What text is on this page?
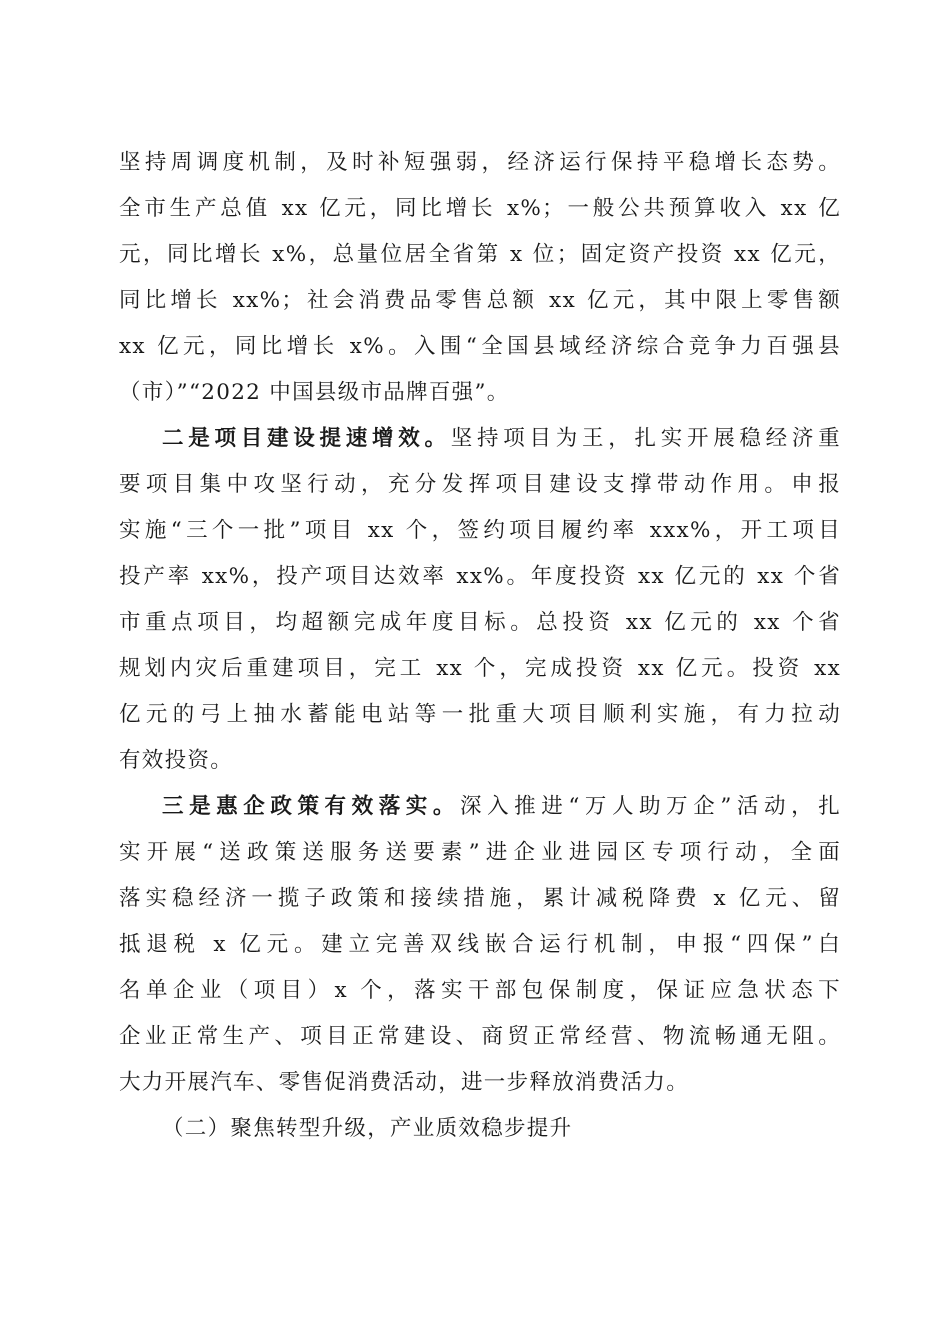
坚持周调度机制，及时补短强弱，经济运行保持平稳增长态势。
全市生产总值 xx 亿元，同比增长 x%；一般公共预算收入 xx 亿
元，同比增长 x%，总量位居全省第 x 位；固定资产投资 xx 亿元，
同比增长 xx%；社会消费品零售总额 xx 亿元，其中限上零售额
xx 亿元，同比增长 x%。入围“全国县域经济综合竞争力百强县
（市）”“2022 中国县级市品牌百强”。
二是项目建设提速增效。坚持项目为王，扎实开展稳经济重
要项目集中攻坚行动，充分发挥项目建设支撑带动作用。申报
实施“三个一批”项目 xx 个，签约项目履约率 xxx%，开工项目
投产率 xx%，投产项目达效率 xx%。年度投资 xx 亿元的 xx 个省
市重点项目，均超额完成年度目标。总投资 xx 亿元的 xx 个省
规划内灾后重建项目，完工 xx 个，完成投资 xx 亿元。投资 xx
亿元的弓上抽水蓄能电站等一批重大项目顺利实施，有力拉动
有效投资。
三是惠企政策有效落实。深入推进“万人助万企”活动，扎
实开展“送政策送服务送要素”进企业进园区专项行动，全面
落实稳经济一揽子政策和接续措施，累计减税降费 x 亿元、留
抵退税 x 亿元。建立完善双线嵌合运行机制，申报“四保”白
名单企业（项目）x 个，落实干部包保制度，保证应急状态下
企业正常生产、项目正常建设、商贸正常经营、物流畅通无阻。
大力开展汽车、零售促消费活动，进一步释放消费活力。
（二）聚焦转型升级，产业质效稳步提升
